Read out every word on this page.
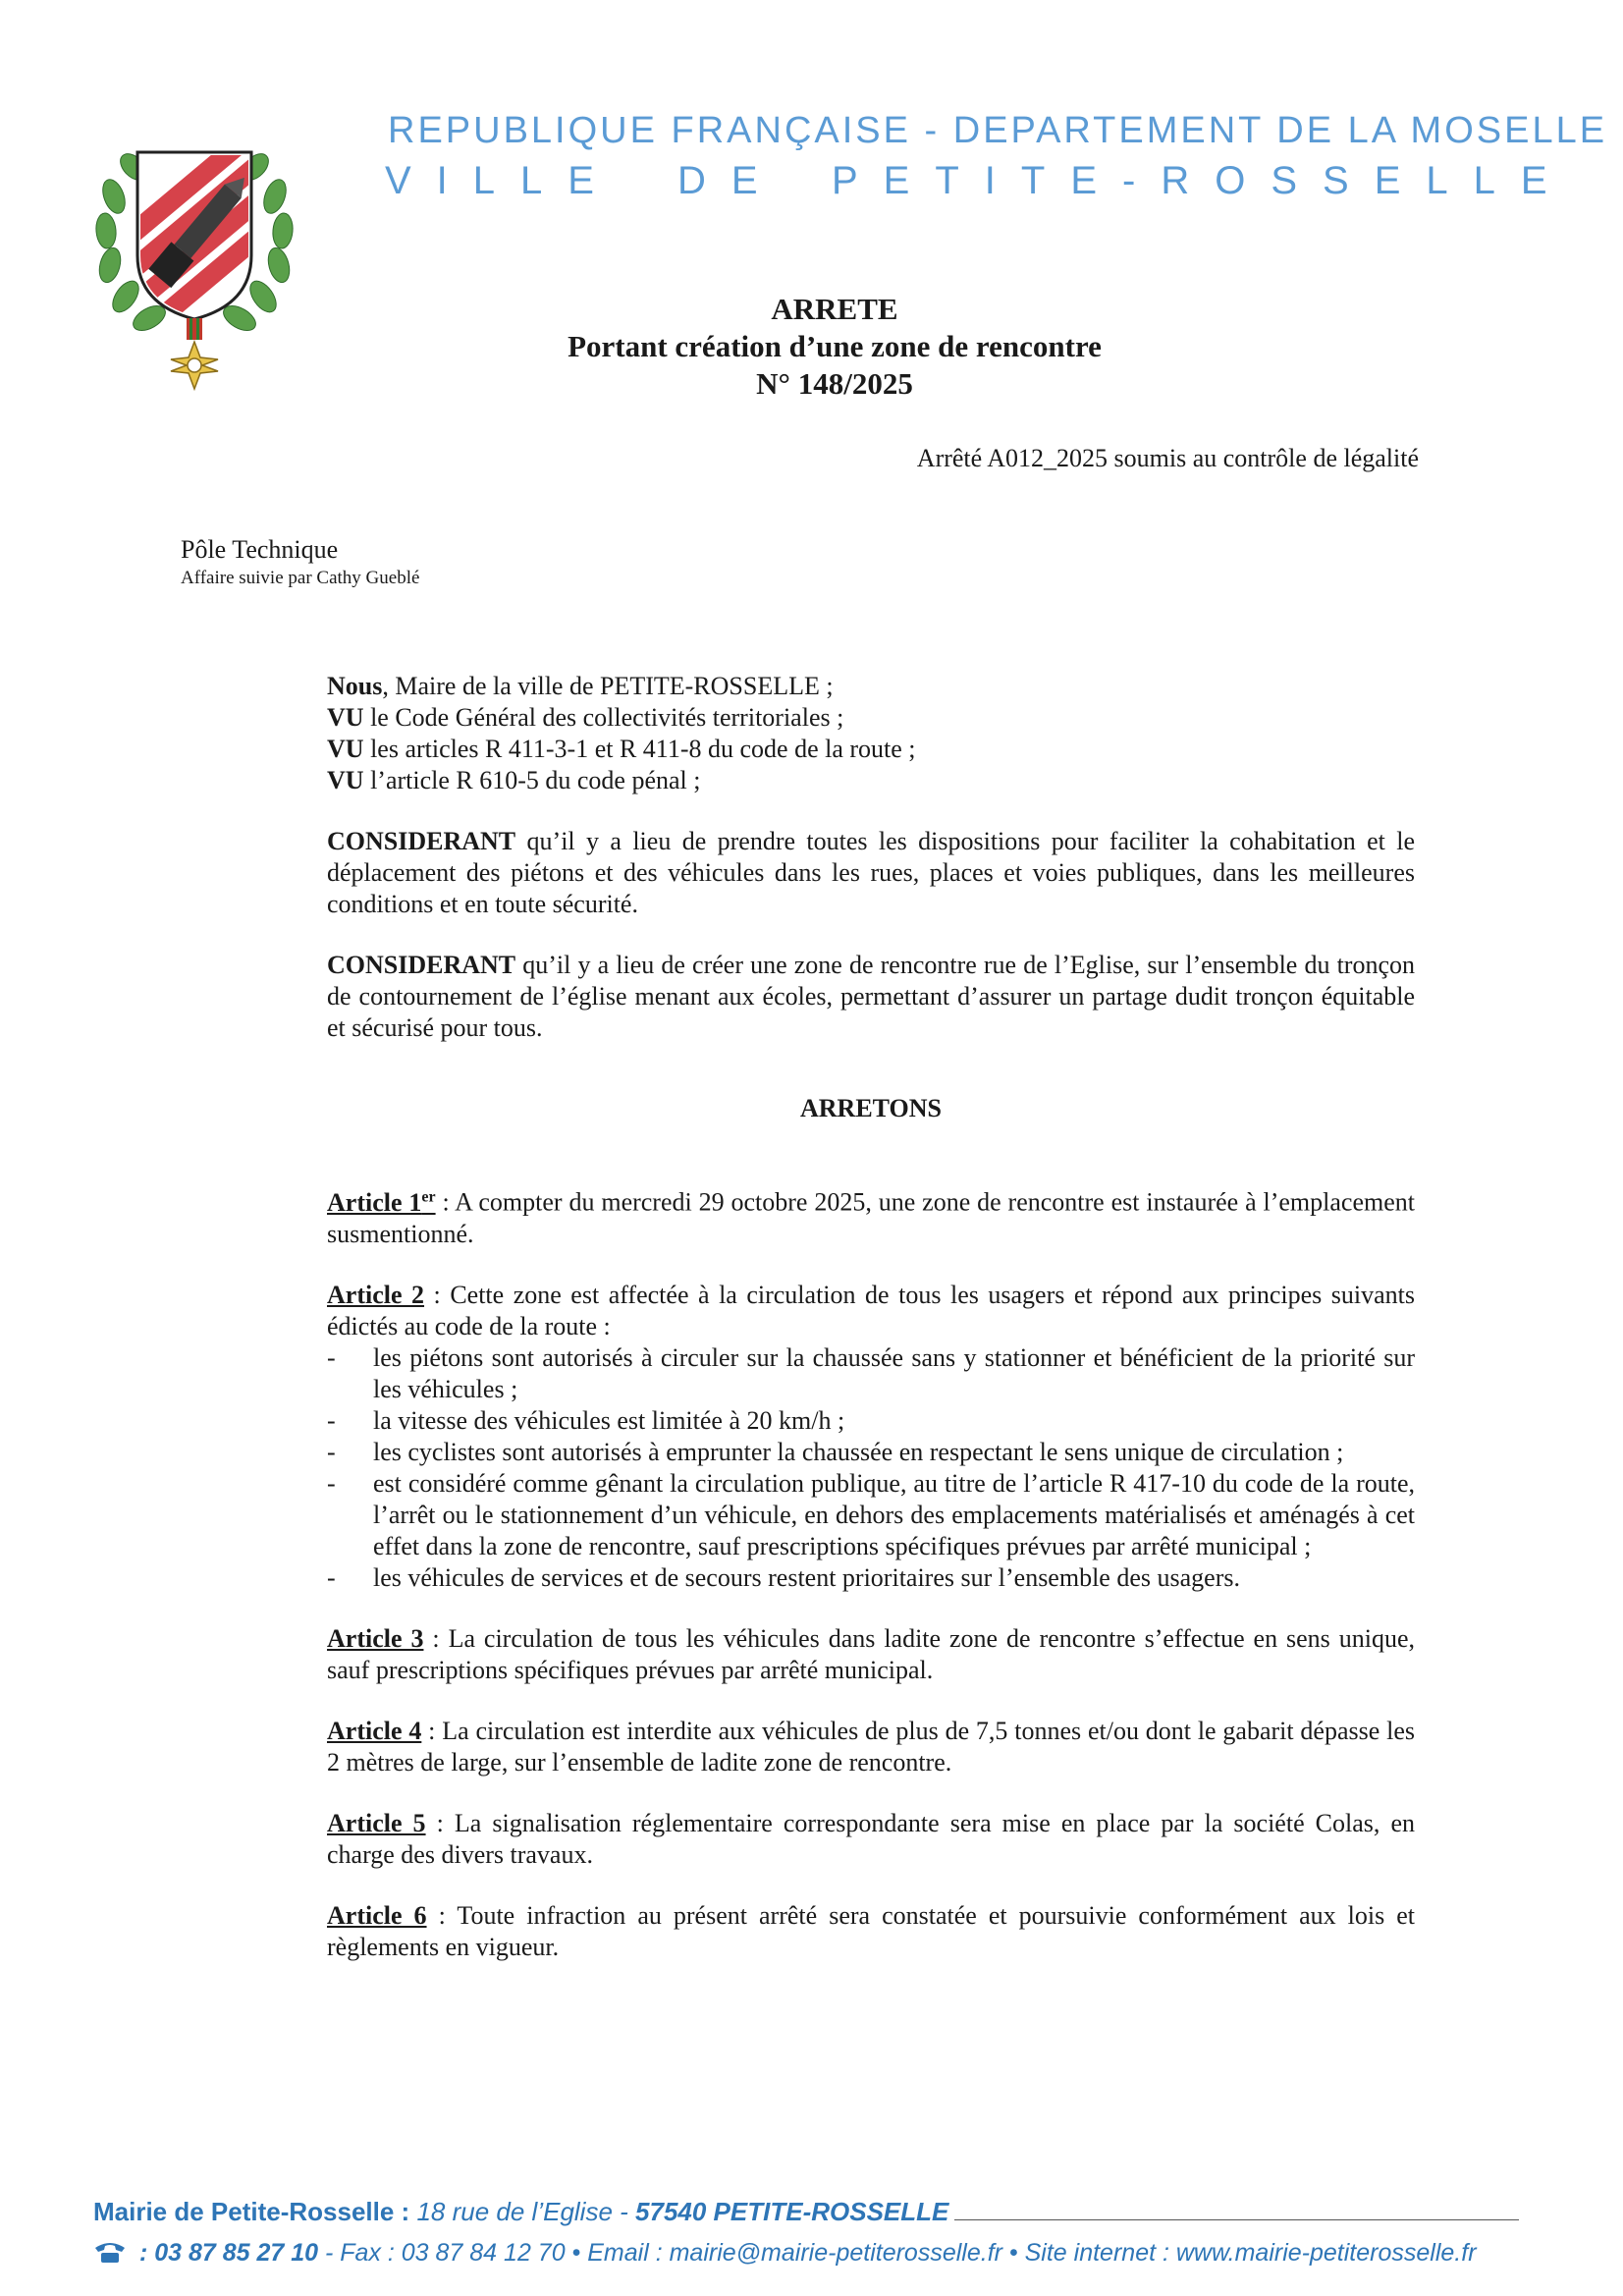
REPUBLIQUE FRANÇAISE - DEPARTEMENT DE LA MOSELLE
VILLE DE PETITE-ROSSELLE
ARRETE
Portant création d’une zone de rencontre
N° 148/2025
Arrêté A012_2025 soumis au contrôle de légalité
Pôle Technique
Affaire suivie par Cathy Gueblé
Nous, Maire de la ville de PETITE-ROSSELLE ;
VU le Code Général des collectivités territoriales ;
VU les articles R 411-3-1 et R 411-8 du code de la route ;
VU l’article R 610-5 du code pénal ;

CONSIDERANT qu’il y a lieu de prendre toutes les dispositions pour faciliter la cohabitation et le déplacement des piétons et des véhicules dans les rues, places et voies publiques, dans les meilleures conditions et en toute sécurité.

CONSIDERANT qu’il y a lieu de créer une zone de rencontre rue de l’Eglise, sur l’ensemble du tronçon de contournement de l’église menant aux écoles, permettant d’assurer un partage dudit tronçon équitable et sécurisé pour tous.

ARRETONS

Article 1er : A compter du mercredi 29 octobre 2025, une zone de rencontre est instaurée à l’emplacement susmentionné.

Article 2 : Cette zone est affectée à la circulation de tous les usagers et répond aux principes suivants édictés au code de la route :

- les piétons sont autorisés à circuler sur la chaussée sans y stationner et bénéficient de la priorité sur les véhicules ;
- la vitesse des véhicules est limitée à 20 km/h ;
- les cyclistes sont autorisés à emprunter la chaussée en respectant le sens unique de circulation ;
- est considéré comme gênant la circulation publique, au titre de l’article R 417-10 du code de la route, l’arrêt ou le stationnement d’un véhicule, en dehors des emplacements matérialisés et aménagés à cet effet dans la zone de rencontre, sauf prescriptions spécifiques prévues par arrêté municipal ;
- les véhicules de services et de secours restent prioritaires sur l’ensemble des usagers.

Article 3 : La circulation de tous les véhicules dans ladite zone de rencontre s’effectue en sens unique, sauf prescriptions spécifiques prévues par arrêté municipal.

Article 4 : La circulation est interdite aux véhicules de plus de 7,5 tonnes et/ou dont le gabarit dépasse les 2 mètres de large, sur l’ensemble de ladite zone de rencontre.

Article 5 : La signalisation réglementaire correspondante sera mise en place par la société Colas, en charge des divers travaux.

Article 6 : Toute infraction au présent arrêté sera constatée et poursuivie conformément aux lois et règlements en vigueur.

Mairie de Petite-Rosselle : 18 rue de l’Eglise - 57540 PETITE-ROSSELLE
: 03 87 85 27 10 - Fax : 03 87 84 12 70 • Email : mairie@mairie-petiterosselle.fr • Site internet : www.mairie-petiterosselle.fr
